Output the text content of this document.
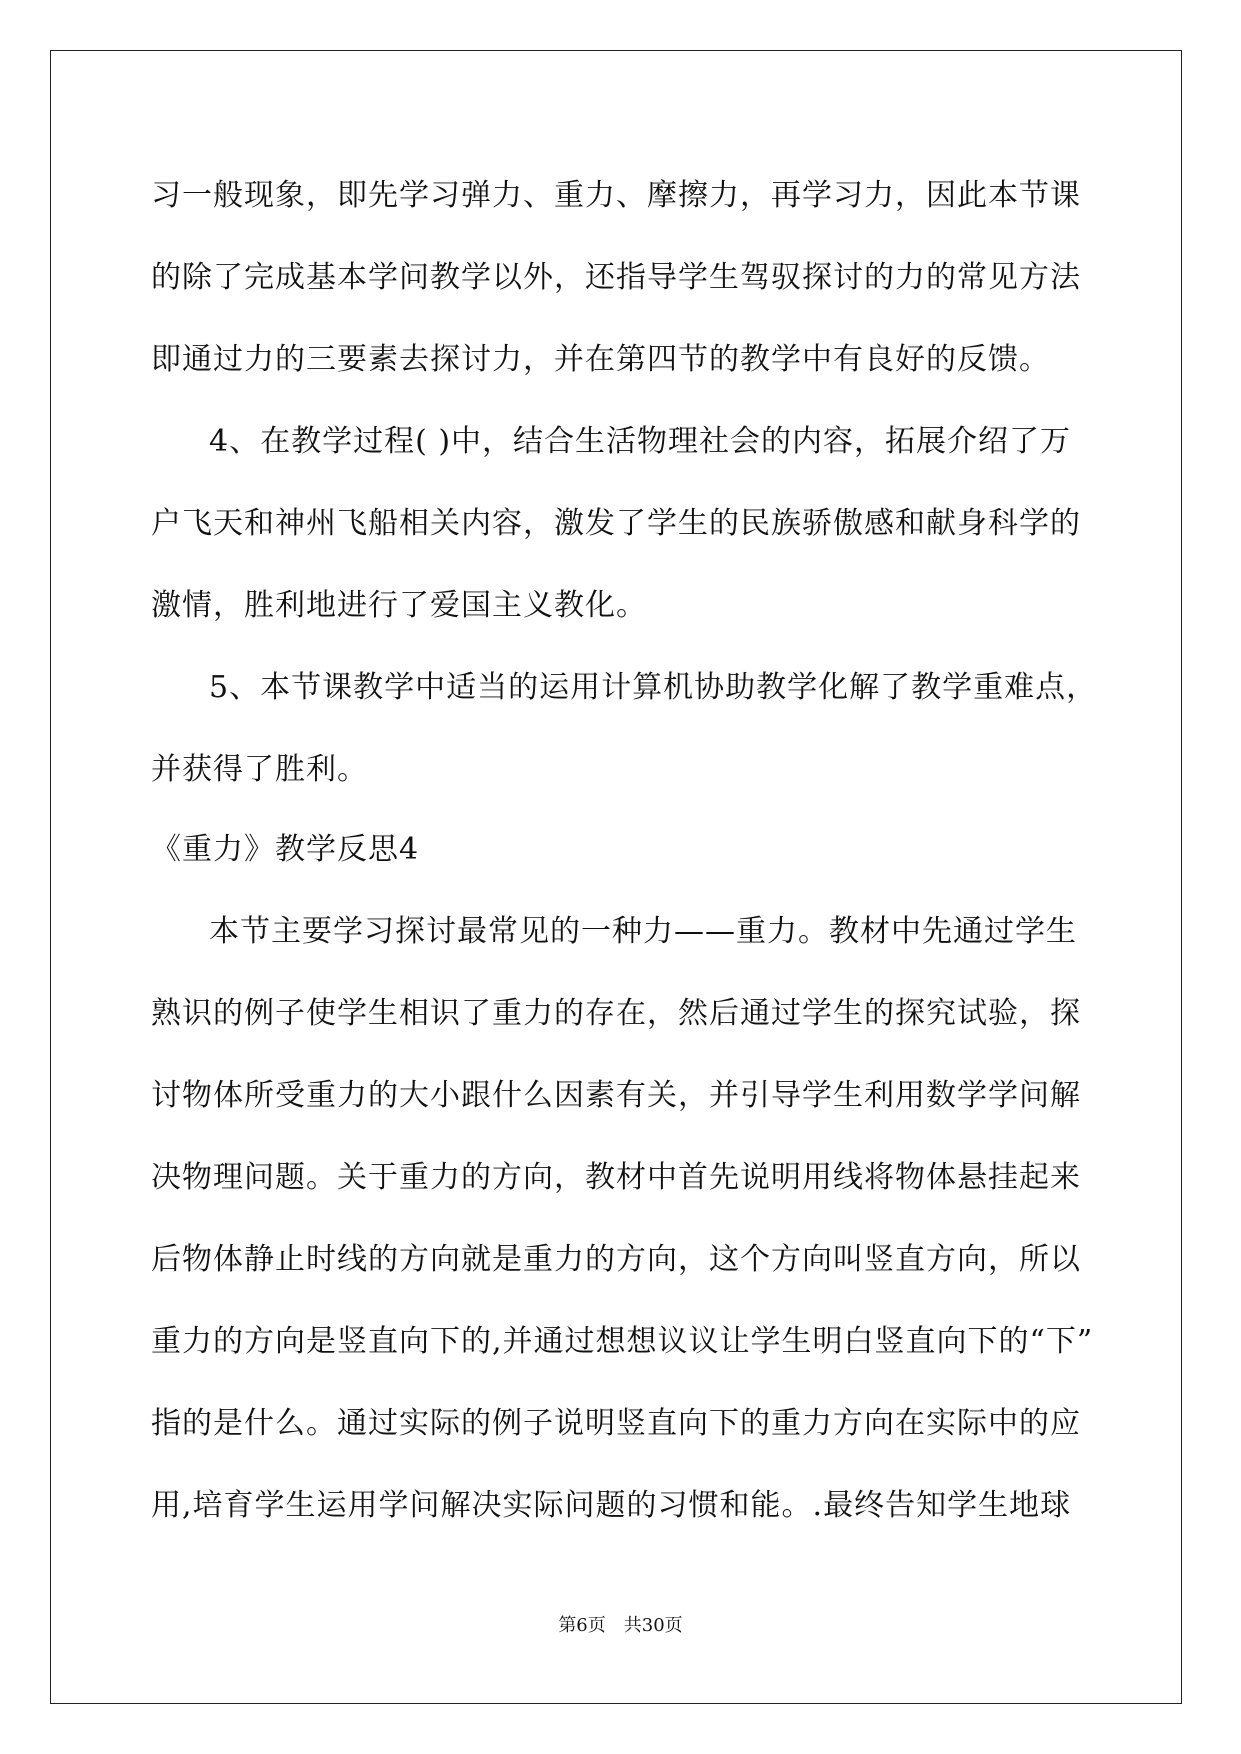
习一般现象，即先学习弹力、重力、摩擦力，再学习力，因此本节课
的除了完成基本学问教学以外，还指导学生驾驭探讨的力的常见方法
即通过力的三要素去探讨力，并在第四节的教学中有良好的反馈。
4、在教学过程( )中，结合生活物理社会的内容，拓展介绍了万
户飞天和神州飞船相关内容，激发了学生的民族骄傲感和献身科学的
激情，胜利地进行了爱国主义教化。
5、本节课教学中适当的运用计算机协助教学化解了教学重难点，
并获得了胜利。
《重力》教学反思4
本节主要学习探讨最常见的一种力——重力。教材中先通过学生
熟识的例子使学生相识了重力的存在，然后通过学生的探究试验，探
讨物体所受重力的大小跟什么因素有关，并引导学生利用数学学问解
决物理问题。关于重力的方向，教材中首先说明用线将物体悬挂起来
后物体静止时线的方向就是重力的方向，这个方向叫竖直方向，所以
重力的方向是竖直向下的,并通过想想议议让学生明白竖直向下的“下”
指的是什么。通过实际的例子说明竖直向下的重力方向在实际中的应
用,培育学生运用学问解决实际问题的习惯和能。.最终告知学生地球
第6页　共30页
